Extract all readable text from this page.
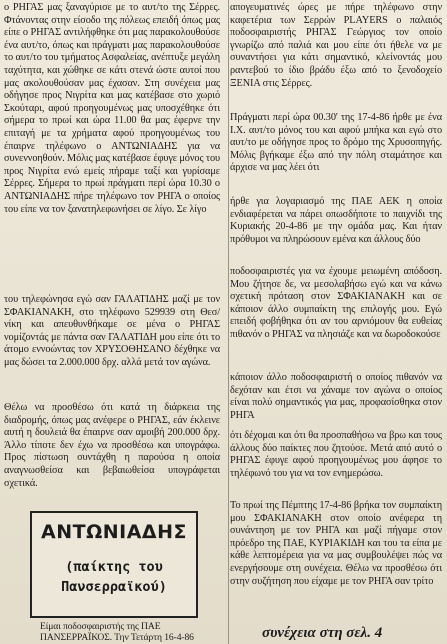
ο ΡΗΓΑΣ μας ξαναγύρισε με το αυτ/το της Σέρρες. Φτάνοντας στην είσοδο της πόλεως επειδή όπως μας είπε ο ΡΗΓΑΣ αντιλήφθηκε ότι μας παρακολουθούσε ένα αυτ/το, όπως και πράγματι μας παρακολουθούσε το αυτ/το του τμήματος Ασφαλείας, ανέπτυξε μεγάλη ταχύτητα, και χώθηκε σε κάτι στενά ώστε αυτοί που μας ακολουθούσαν μας έχασαν. Στη συνέχεια μας οδήγησε προς Νιγρίτα και μας κατέβασε στο χωριό Σκούταρι, αφού προηγουμένως μας υποσχέθηκε ότι σήμερα το πρωί και ώρα 11.00 θα μας έφερνε την επιταγή με τα χρήματα αφού προηγουμένως του έπαιρνε τηλέφωνο ο ΑΝΤΩΝΙΑΔΗΣ για να συνεννοηθούν. Μόλις μας κατέβασε έφυγε μόνος του προς Νιγρίτα ενώ εμείς πήραμε ταξί και γυρίσαμε Σέρρες. Σήμερα το πρωί πράγματι περί ώρα 10.30 ο ΑΝΤΩΝΙΑΔΗΣ πήρε τηλέφωνο τον ΡΗΓΑ ο οποίος του είπε να τον ξανατηλεφωνήσει σε λίγο. Σε λίγο

του τηλεφώνησα εγώ σαν ΓΑΛΑΤΙΔΗΣ μαζί με τον ΣΦΑΚΙΑΝΑΚΗ, στο τηλέφωνο 529939 στη Θεσ/νίκη και απευθυνθήκαμε σε μένα ο ΡΗΓΑΣ νομίζοντάς με πάντα σαν ΓΑΛΑΤΙΔΗ μου είπε ότι το άτομο εννοώντας τον ΧΡΥΣΟΘΗΣΑΝΟ δέχθηκε να μας δώσει τα 2.000.000 δρχ. αλλά μετά τον αγώνα.

Θέλω να προσθέσω ότι κατά τη διάρκεια της διαδρομής, όπως μας ανέφερε ο ΡΗΓΑΣ, εάν έκλεινε αυτή η δουλειά θα έπαιρνε σαν αμοιβή 200.000 δρχ. Άλλο τίποτε δεν έχω να προσθέσω και υπογράφω. Προς πίστωση συντάχθη η παρούσα η οποία αναγνωσθείσα και βεβαιωθείσα υπογράφεται σχετικά.

ΑΝΤΩΝΙΑΔΗΣ
(παίκτης του
Πανσερραϊκού)

Είμαι ποδοσφαιριστής της ΠΑΕ ΠΑΝΣΕΡΡΑΪΚΟΣ. Την Τετάρτη 16-4-86

απογευματινές ώρες με πήρε τηλέφωνο στην καφετέρια των Σερρών PLAYERS ο παλαιός ποδοσφαιριστής ΡΗΓΑΣ Γεώργιος τον οποίο γνωρίζω από παλιά και μου είπε ότι ήθελε να με συναντήσει για κάτι σημαντικό, κλείνοντάς μου ραντεβού το ίδιο βράδυ έξω από το ξενοδοχείο ΞΕΝΙΑ στις Σέρρες.

Πράγματι περί ώρα 00.30' της 17-4-86 ήρθε με ένα Ι.Χ. αυτ/το μόνος του και αφού μπήκα και εγώ στο αυτ/το με οδήγησε προς το δρόμο της Χρυσοπηγής. Μόλις βγήκαμε έξω από την πόλη σταμάτησε και άρχισε να μας λέει ότι

ήρθε για λογαριασμό της ΠΑΕ ΑΕΚ η οποία ενδιαφέρεται να πάρει οπωσδήποτε το παιχνίδι της Κυριακής 20-4-86 με την ομάδα μας. Και ήταν πρόθυμοι να πληρώσουν εμένα και άλλους δύο

ποδοσφαιριστές για να έχουμε μειωμένη απόδοση. Μου ζήτησε δε, να μεσολαβήσω εγώ και να κάνω σχετική πρόταση στον ΣΦΑΚΙΑΝΑΚΗ και σε κάποιον άλλο συμπαίκτη της επιλογής μου. Εγώ επειδή φοβήθηκα ότι αν του αρνιόμουν θα ευθείας πιθανόν ο ΡΗΓΑΣ να πλησιάζε και να δωροδοκούσε

κάποιον άλλο ποδοσφαιριστή ο οποίος πιθανόν να δεχόταν και έτσι να χάναμε τον αγώνα ο οποίος είναι πολύ σημαντικός για μας, προφασίσθηκα στον ΡΗΓΑ

ότι δέχομαι και ότι θα προσπαθήσω να βρω και τους άλλους δύο παίκτες που ζητούσε. Μετά από αυτό ο ΡΗΓΑΣ έφυγε αφού προηγουμένως μου άφησε το τηλέφωνό του για να τον ενημερώσω.

Το πρωί της Πέμπτης 17-4-86 βρήκα τον συμπαίκτη μου ΣΦΑΚΙΑΝΑΚΗ στον οποίο ανέφερα τη συνάντηση με τον ΡΗΓΑ και μαζί πήγαμε στον πρόεδρο της ΠΑΕ, ΚΥΡΙΑΚΙΔΗ και του τα είπα με κάθε λεπτομέρεια για να μας συμβουλέψει πώς να ενεργήσουμε στη συνέχεια. Θέλω να προσθέσω ότι στην συζήτηση που είχαμε με τον ΡΗΓΑ σαν τρίτο

συνέχεια στη σελ. 4
